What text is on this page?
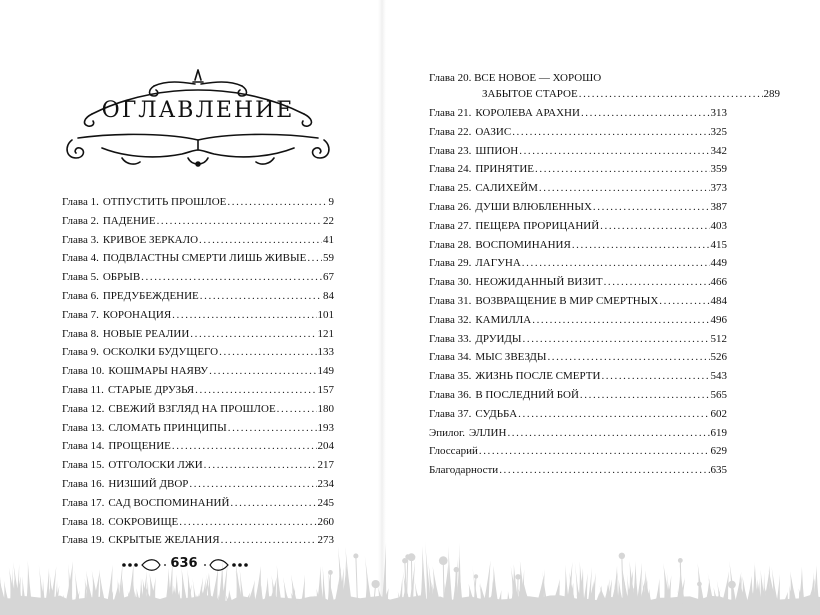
ОГЛАВЛЕНИЕ
Глава 1. ОТПУСТИТЬ ПРОШЛОЕ .....	9
Глава 2. ПАДЕНИЕ .....	22
Глава 3. КРИВОЕ ЗЕРКАЛО .....	41
Глава 4. ПОДВЛАСТНЫ СМЕРТИ ЛИШЬ ЖИВЫЕ ..... 59
Глава 5. ОБРЫВ .....	67
Глава 6. ПРЕДУБЕЖДЕНИЕ .....	84
Глава 7. КОРОНАЦИЯ .....	101
Глава 8. НОВЫЕ РЕАЛИИ .....	121
Глава 9. ОСКОЛКИ БУДУЩЕГО .....	133
Глава 10. КОШМАРЫ НАЯВУ .....	149
Глава 11. СТАРЫЕ ДРУЗЬЯ .....	157
Глава 12. СВЕЖИЙ ВЗГЛЯД НА ПРОШЛОЕ .....	180
Глава 13. СЛОМАТЬ ПРИНЦИПЫ .....	193
Глава 14. ПРОЩЕНИЕ .....	204
Глава 15. ОТГОЛОСКИ ЛЖИ .....	217
Глава 16. НИЗШИЙ ДВОР .....	234
Глава 17. САД ВОСПОМИНАНИЙ .....	245
Глава 18. СОКРОВИЩЕ .....	260
Глава 19. СКРЫТЫЕ ЖЕЛАНИЯ .....	273
Глава 20. ВСЕ НОВОЕ — ХОРОШО
ЗАБЫТОЕ СТАРОЕ .....	289
Глава 21. КОРОЛЕВА АРАХНИ .....	313
Глава 22. ОАЗИС .....	325
Глава 23. ШПИОН .....	342
Глава 24. ПРИНЯТИЕ .....	359
Глава 25. САЛИХЕЙМ .....	373
Глава 26. ДУШИ ВЛЮБЛЕННЫХ .....	387
Глава 27. ПЕЩЕРА ПРОРИЦАНИЙ .....	403
Глава 28. ВОСПОМИНАНИЯ .....	415
Глава 29. ЛАГУНА .....	449
Глава 30. НЕОЖИДАННЫЙ ВИЗИТ .....	466
Глава 31. ВОЗВРАЩЕНИЕ В МИР СМЕРТНЫХ .....	484
Глава 32. КАМИЛЛА .....	496
Глава 33. ДРУИДЫ .....	512
Глава 34. МЫС ЗВЕЗДЫ .....	526
Глава 35. ЖИЗНЬ ПОСЛЕ СМЕРТИ .....	543
Глава 36. В ПОСЛЕДНИЙ БОЙ .....	565
Глава 37. СУДЬБА .....	602
Эпилог. ЭЛЛИН .....	619
Глоссарий .....	629
Благодарности .....	635
636
